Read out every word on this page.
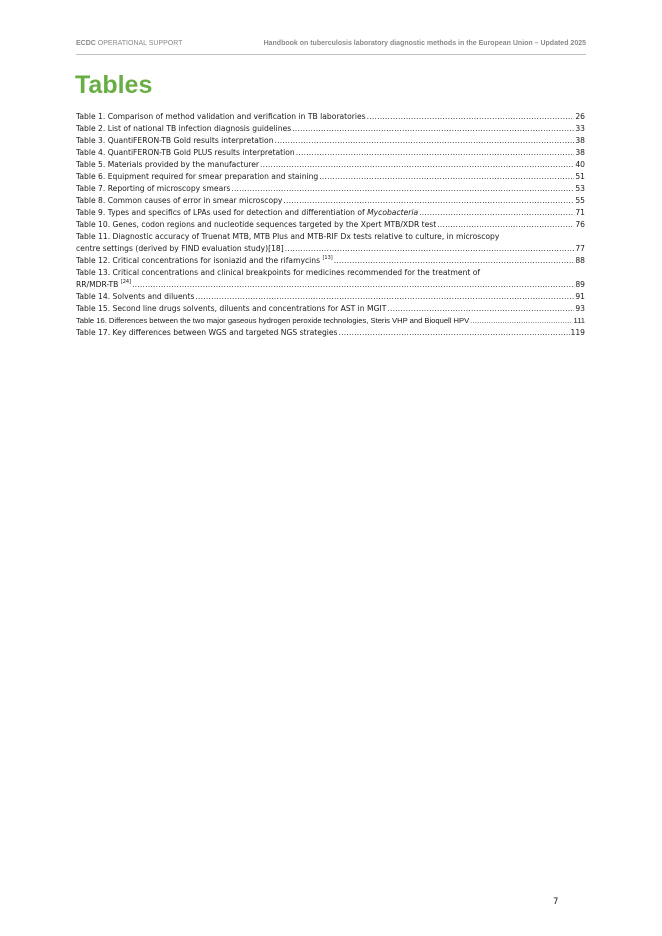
ECDC OPERATIONAL SUPPORT	Handbook on tuberculosis laboratory diagnostic methods in the European Union – Updated 2025
Tables
Table 1. Comparison of method validation and verification in TB laboratories .....	26
Table 2. List of national TB infection diagnosis guidelines .....	33
Table 3. QuantiFERON-TB Gold results interpretation .....	38
Table 4. QuantiFERON-TB Gold PLUS results interpretation .....	38
Table 5. Materials provided by the manufacturer .....	40
Table 6. Equipment required for smear preparation and staining .....	51
Table 7. Reporting of microscopy smears .....	53
Table 8. Common causes of error in smear microscopy .....	55
Table 9. Types and specifics of LPAs used for detection and differentiation of Mycobacteria .....	71
Table 10. Genes, codon regions and nucleotide sequences targeted by the Xpert MTB/XDR test .....	76
Table 11. Diagnostic accuracy of Truenat MTB, MTB Plus and MTB-RIF Dx tests relative to culture, in microscopy
centre settings (derived by FIND evaluation study)[18] .....	77
Table 12. Critical concentrations for isoniazid and the rifamycins [13] .....	88
Table 13. Critical concentrations and clinical breakpoints for medicines recommended for the treatment of
RR/MDR-TB [24] .....	89
Table 14. Solvents and diluents .....	91
Table 15. Second line drugs solvents, diluents and concentrations for AST in MGIT .....	93
Table 16. Differences between the two major gaseous hydrogen peroxide technologies, Steris VHP and Bioquell HPV .....	111
Table 17. Key differences between WGS and targeted NGS strategies .....	119
7
